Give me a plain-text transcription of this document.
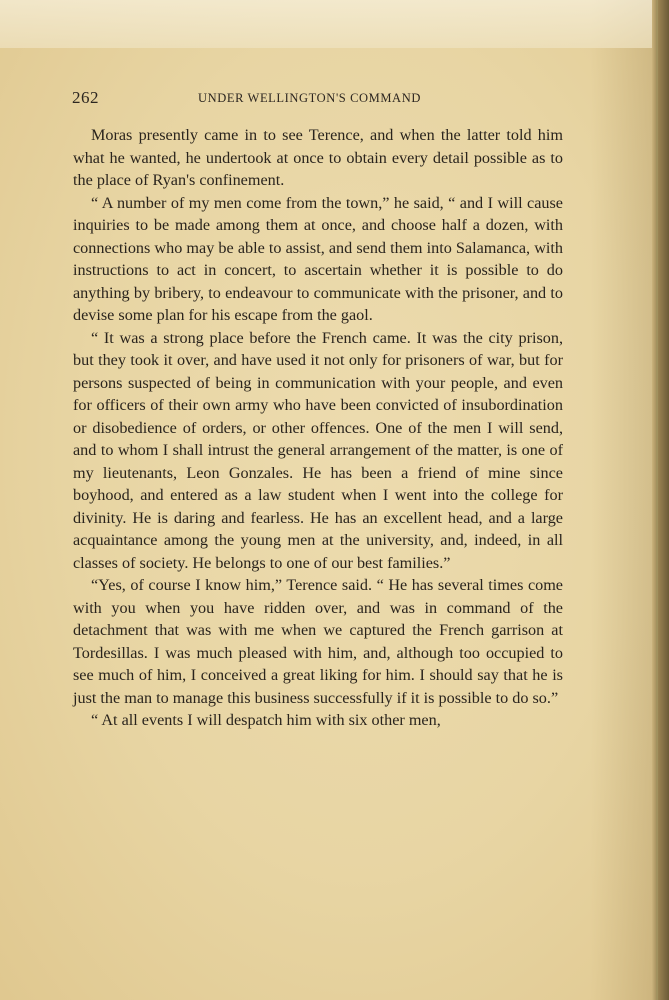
262	UNDER WELLINGTON'S COMMAND

Moras presently came in to see Terence, and when the latter told him what he wanted, he undertook at once to obtain every detail possible as to the place of Ryan's confinement.

“ A number of my men come from the town,” he said, “ and I will cause inquiries to be made among them at once, and choose half a dozen, with connections who may be able to assist, and send them into Salamanca, with instructions to act in concert, to ascertain whether it is possible to do anything by bribery, to endeavour to communicate with the prisoner, and to devise some plan for his escape from the gaol.

“ It was a strong place before the French came. It was the city prison, but they took it over, and have used it not only for prisoners of war, but for persons suspected of being in communication with your people, and even for officers of their own army who have been convicted of insubordination or disobedience of orders, or other offences. One of the men I will send, and to whom I shall intrust the general arrangement of the matter, is one of my lieutenants, Leon Gonzales. He has been a friend of mine since boyhood, and entered as a law student when I went into the college for divinity. He is daring and fearless. He has an excellent head, and a large acquaintance among the young men at the university, and, indeed, in all classes of society. He belongs to one of our best families.”

“Yes, of course I know him,” Terence said. “ He has several times come with you when you have ridden over, and was in command of the detachment that was with me when we captured the French garrison at Tordesillas. I was much pleased with him, and, although too occupied to see much of him, I conceived a great liking for him. I should say that he is just the man to manage this business successfully if it is possible to do so.”

“ At all events I will despatch him with six other men,
